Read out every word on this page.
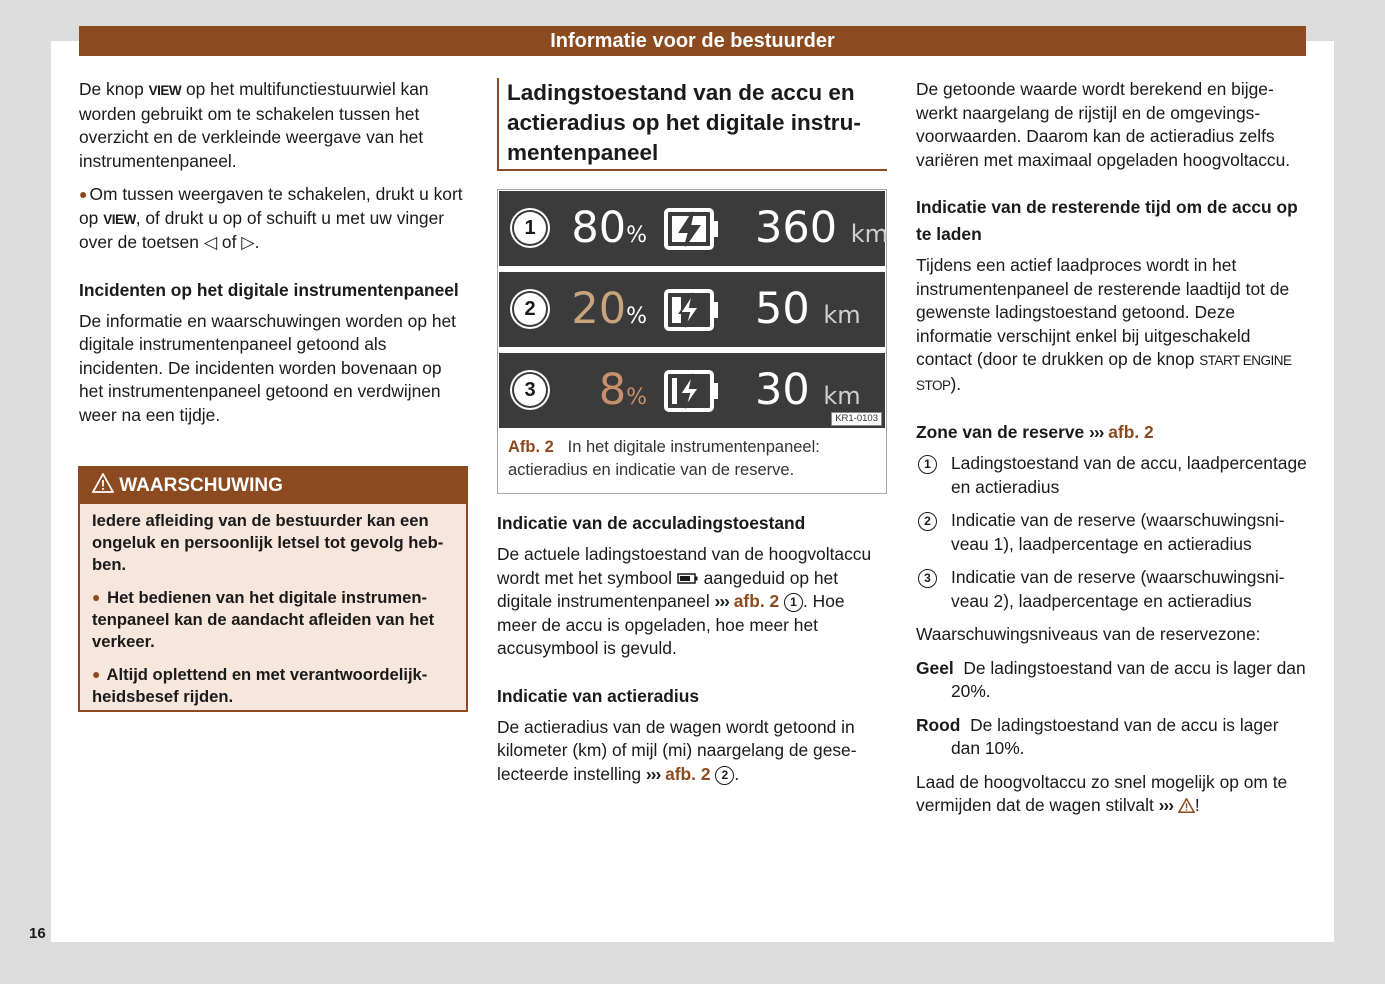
Informatie voor de bestuurder

De knop VIEW op het multifunctiestuurwiel kan worden gebruikt om te schakelen tussen het overzicht en de verkleinde weergave van het instrumentenpaneel.

● Om tussen weergaven te schakelen, drukt u kort op VIEW, of drukt u op of schuift u met uw vinger over de toetsen ◁ of ▷.

Incidenten op het digitale instrumentenpaneel

De informatie en waarschuwingen worden op het digitale instrumentenpaneel getoond als incidenten. De incidenten worden bovenaan op het instrumentenpaneel getoond en verdwijnen weer na een tijdje.

WAARSCHUWING

Iedere afleiding van de bestuurder kan een ongeluk en persoonlijk letsel tot gevolg hebben.

● Het bedienen van het digitale instrumentenpaneel kan de aandacht afleiden van het verkeer.

● Altijd oplettend en met verantwoordelijkheidsbesef rijden.

Ladingstoestand van de accu en actieradius op het digitale instrumentenpaneel
1 80%	360 km
2 20%	50 km
3 8%	30 km
KR1-0103
Afb. 2 In het digitale instrumentenpaneel: actieradius en indicatie van de reserve.
Indicatie van de acculadingstoestand

De actuele ladingstoestand van de hoogvoltaccu wordt met het symbool  aangeduid op het digitale instrumentenpaneel ››› afb. 2 1 . Hoe meer de accu is opgeladen, hoe meer het accusymbool is gevuld.

Indicatie van actieradius

De actieradius van de wagen wordt getoond in kilometer (km) of mijl (mi) naargelang de geselecteerde instelling ››› afb. 2 2 .

De getoonde waarde wordt berekend en bijgewerkt naargelang de rijstijl en de omgevingsvoorwaarden. Daarom kan de actieradius zelfs variëren met maximaal opgeladen hoogvoltaccu.

Indicatie van de resterende tijd om de accu op te laden

Tijdens een actief laadproces wordt in het instrumentenpaneel de resterende laadtijd tot de gewenste ladingstoestand getoond. Deze informatie verschijnt enkel bij uitgeschakeld contact (door te drukken op de knop START ENGINE STOP).

Zone van de reserve ››› afb. 2
1	Ladingstoestand van de accu, laadpercentage en actieradius
2	Indicatie van de reserve (waarschuwingsniveau 1), laadpercentage en actieradius
3	Indicatie van de reserve (waarschuwingsniveau 2), laadpercentage en actieradius

Waarschuwingsniveaus van de reservezone:

Geel De ladingstoestand van de accu is lager dan 20%.

Rood De ladingstoestand van de accu is lager dan 10%.

Laad de hoogvoltaccu zo snel mogelijk op om te vermijden dat de wagen stilvalt ››› !

16
